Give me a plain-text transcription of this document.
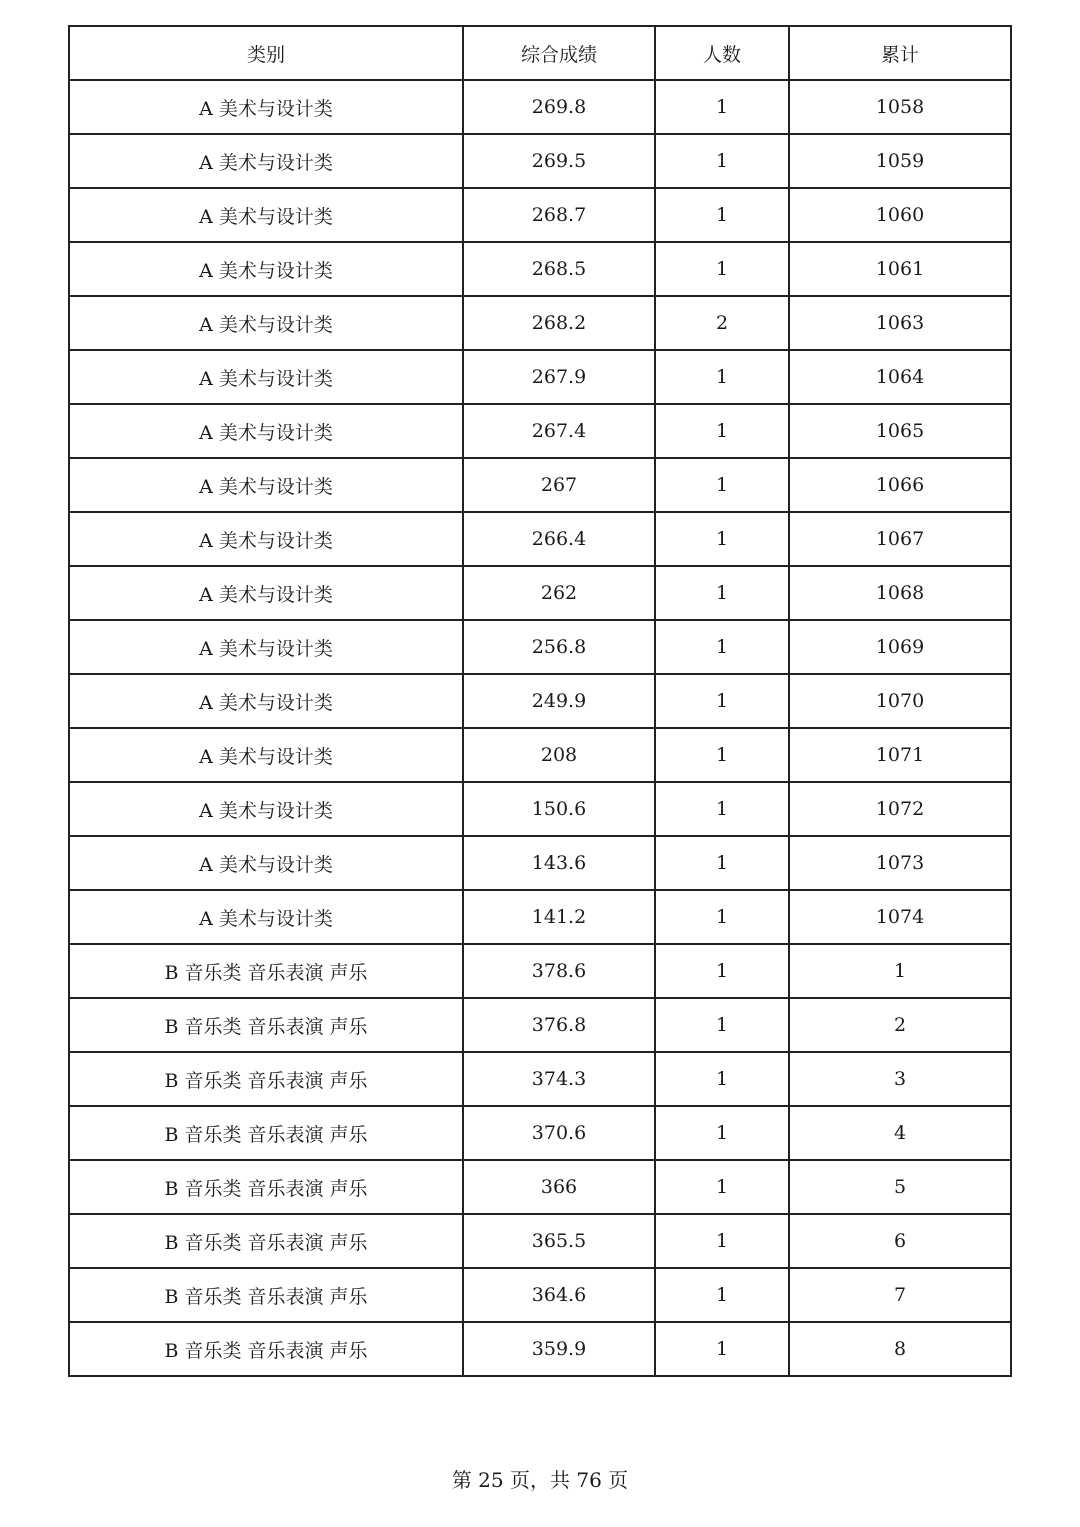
类别	综合成绩	人数	累计
A 美术与设计类	269.8	1	1058
A 美术与设计类	269.5	1	1059
A 美术与设计类	268.7	1	1060
A 美术与设计类	268.5	1	1061
A 美术与设计类	268.2	2	1063
A 美术与设计类	267.9	1	1064
A 美术与设计类	267.4	1	1065
A 美术与设计类	267	1	1066
A 美术与设计类	266.4	1	1067
A 美术与设计类	262	1	1068
A 美术与设计类	256.8	1	1069
A 美术与设计类	249.9	1	1070
A 美术与设计类	208	1	1071
A 美术与设计类	150.6	1	1072
A 美术与设计类	143.6	1	1073
A 美术与设计类	141.2	1	1074
B 音乐类 音乐表演 声乐	378.6	1	1
B 音乐类 音乐表演 声乐	376.8	1	2
B 音乐类 音乐表演 声乐	374.3	1	3
B 音乐类 音乐表演 声乐	370.6	1	4
B 音乐类 音乐表演 声乐	366	1	5
B 音乐类 音乐表演 声乐	365.5	1	6
B 音乐类 音乐表演 声乐	364.6	1	7
B 音乐类 音乐表演 声乐	359.9	1	8
第 25 页，共 76 页
